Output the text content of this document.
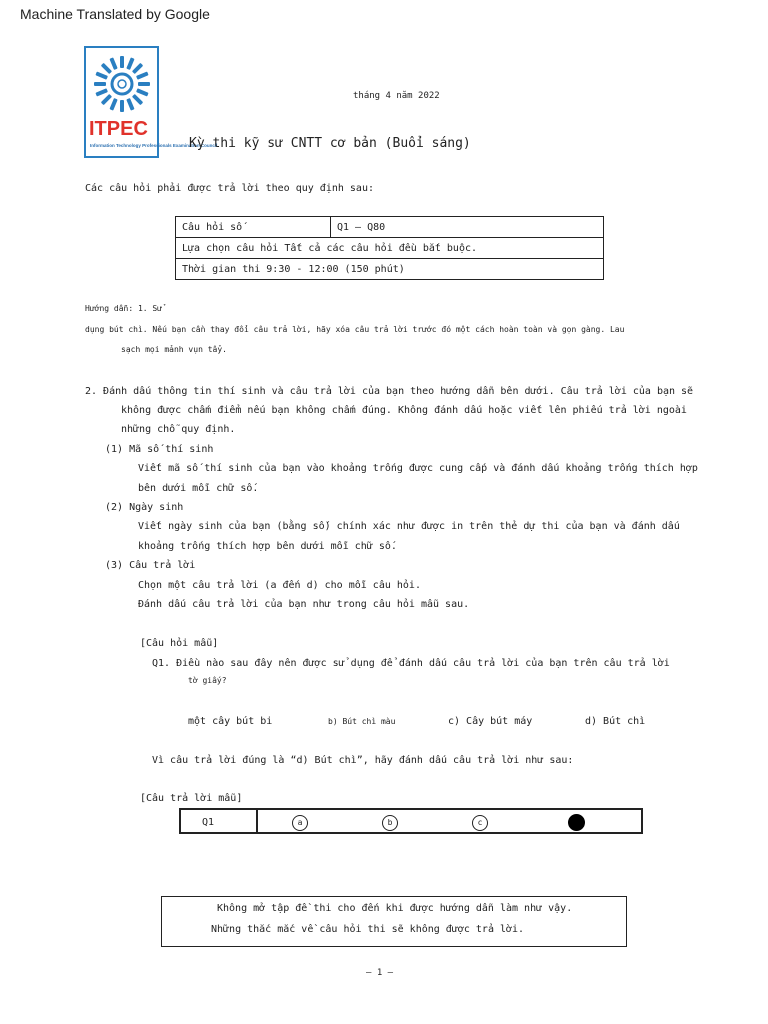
Machine Translated by Google
ITPEC
Information Technology Professionals Examination Council
tháng 4 năm 2022
Kỳ thi kỹ sư CNTT cơ bản (Buổi sáng)
Các câu hỏi phải được trả lời theo quy định sau:
Câu hỏi số	Q1 – Q80
Lựa chọn câu hỏi Tất cả các câu hỏi đều bắt buộc.
Thời gian thi 9:30 - 12:00 (150 phút)
Hướng dẫn: 1. Sử
dụng bút chì. Nếu bạn cần thay đổi câu trả lời, hãy xóa câu trả lời trước đó một cách hoàn toàn và gọn gàng. Lau
sạch mọi mảnh vụn tẩy.
2. Đánh dấu thông tin thí sinh và câu trả lời của bạn theo hướng dẫn bên dưới. Câu trả lời của bạn sẽ
không được chấm điểm nếu bạn không chấm đúng. Không đánh dấu hoặc viết lên phiếu trả lời ngoài
những chỗ quy định.
(1) Mã số thí sinh
Viết mã số thí sinh của bạn vào khoảng trống được cung cấp và đánh dấu khoảng trống thích hợp
bên dưới mỗi chữ số.
(2) Ngày sinh
Viết ngày sinh của bạn (bằng số) chính xác như được in trên thẻ dự thi của bạn và đánh dấu
khoảng trống thích hợp bên dưới mỗi chữ số.
(3) Câu trả lời
Chọn một câu trả lời (a đến d) cho mỗi câu hỏi.
Đánh dấu câu trả lời của bạn như trong câu hỏi mẫu sau.
[Câu hỏi mẫu]
Q1. Điều nào sau đây nên được sử dụng để đánh dấu câu trả lời của bạn trên câu trả lời
tờ giấy?
một cây bút bi	b) Bút chì màu	c) Cây bút máy	d) Bút chì
Vì câu trả lời đúng là “d) Bút chì”, hãy đánh dấu câu trả lời như sau:
[Câu trả lời mẫu]
Q1	a	b	c
Không mở tập đề thi cho đến khi được hướng dẫn làm như vậy.
Những thắc mắc về câu hỏi thi sẽ không được trả lời.
– 1 –
